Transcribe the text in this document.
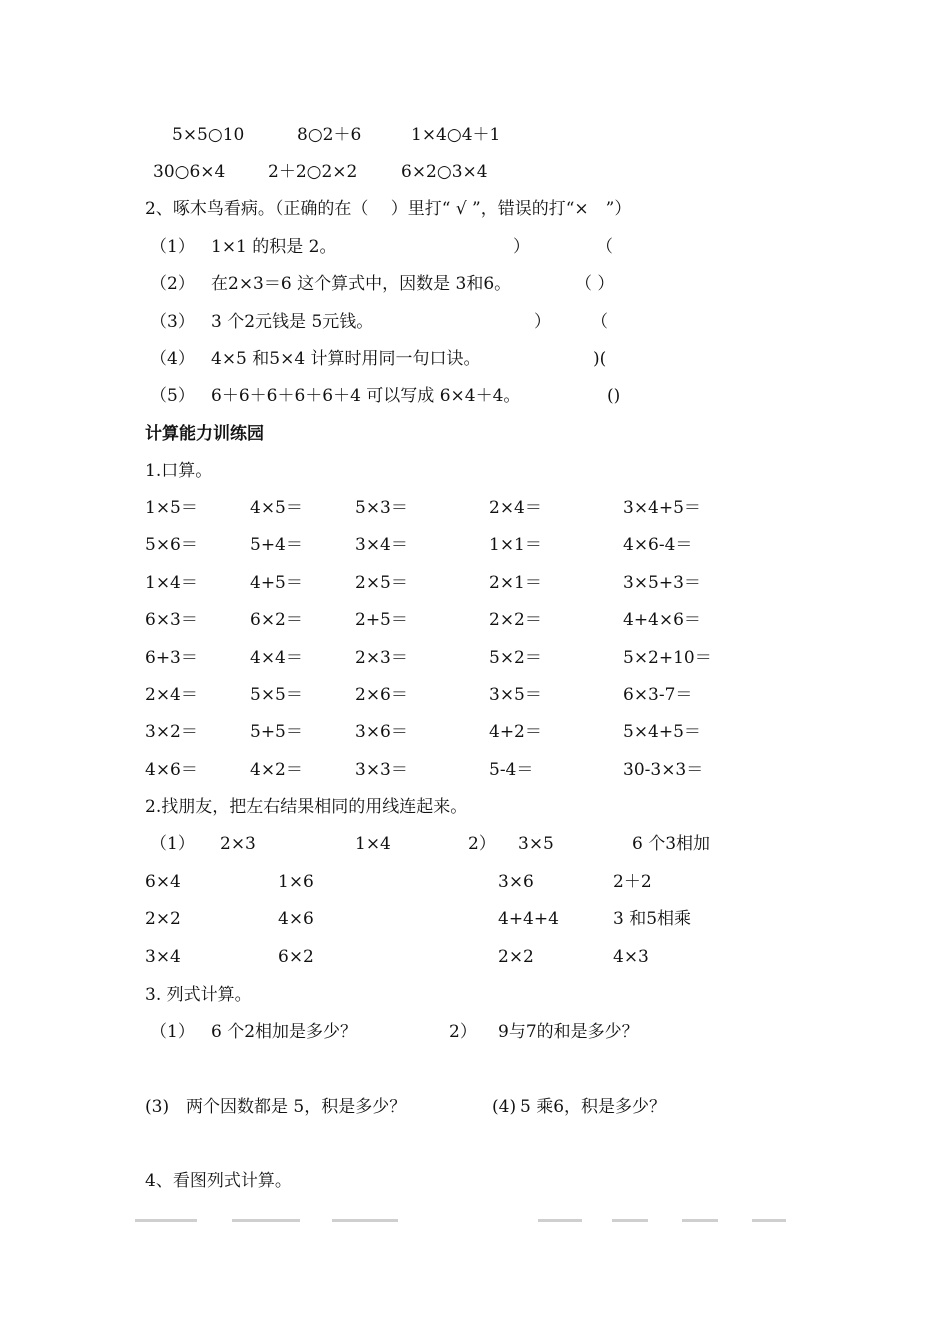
5×5○10	8○2＋6	1×4○4＋1
30○6×4	2＋2○2×2	6×2○3×4
2、啄木鸟看病。（正确的在（　 ）里打“ √ ”，错误的打“×　”）
（1） 1×1 的积是 2。	）	（
（2） 在2×3＝6 这个算式中，因数是 3和6。	（ ）
（3） 3 个2元钱是 5元钱。	） （
（4） 4×5 和5×4 计算时用同一句口诀。	)(
（5） 6＋6＋6＋6＋6＋4 可以写成 6×4＋4。	()
计算能力训练园
1.口算。
1×5＝	4×5＝	5×3＝	2×4＝	3×4+5＝
5×6＝	5+4＝	3×4＝	1×1＝	4×6-4＝
1×4＝	4+5＝	2×5＝	2×1＝	3×5+3＝
6×3＝	6×2＝	2+5＝	2×2＝	4+4×6＝
6+3＝	4×4＝	2×3＝	5×2＝	5×2+10＝
2×4＝	5×5＝	2×6＝	3×5＝	6×3-7＝
3×2＝	5+5＝	3×6＝	4+2＝	5×4+5＝
4×6＝	4×2＝	3×3＝	5-4＝	30-3×3＝
2.找朋友，把左右结果相同的用线连起来。
（1）	2）
2×3	1×4	3×5	6 个3相加
6×4	1×6	3×6	2＋2
2×2	4×6	4+4+4	3 和5相乘
3×4	6×2	2×2	4×3
3. 列式计算。
（1） 6 个2相加是多少？	2） 9与7的和是多少？
(3) 两个因数都是 5，积是多少？	(4) 5 乘6，积是多少？
4、看图列式计算。
